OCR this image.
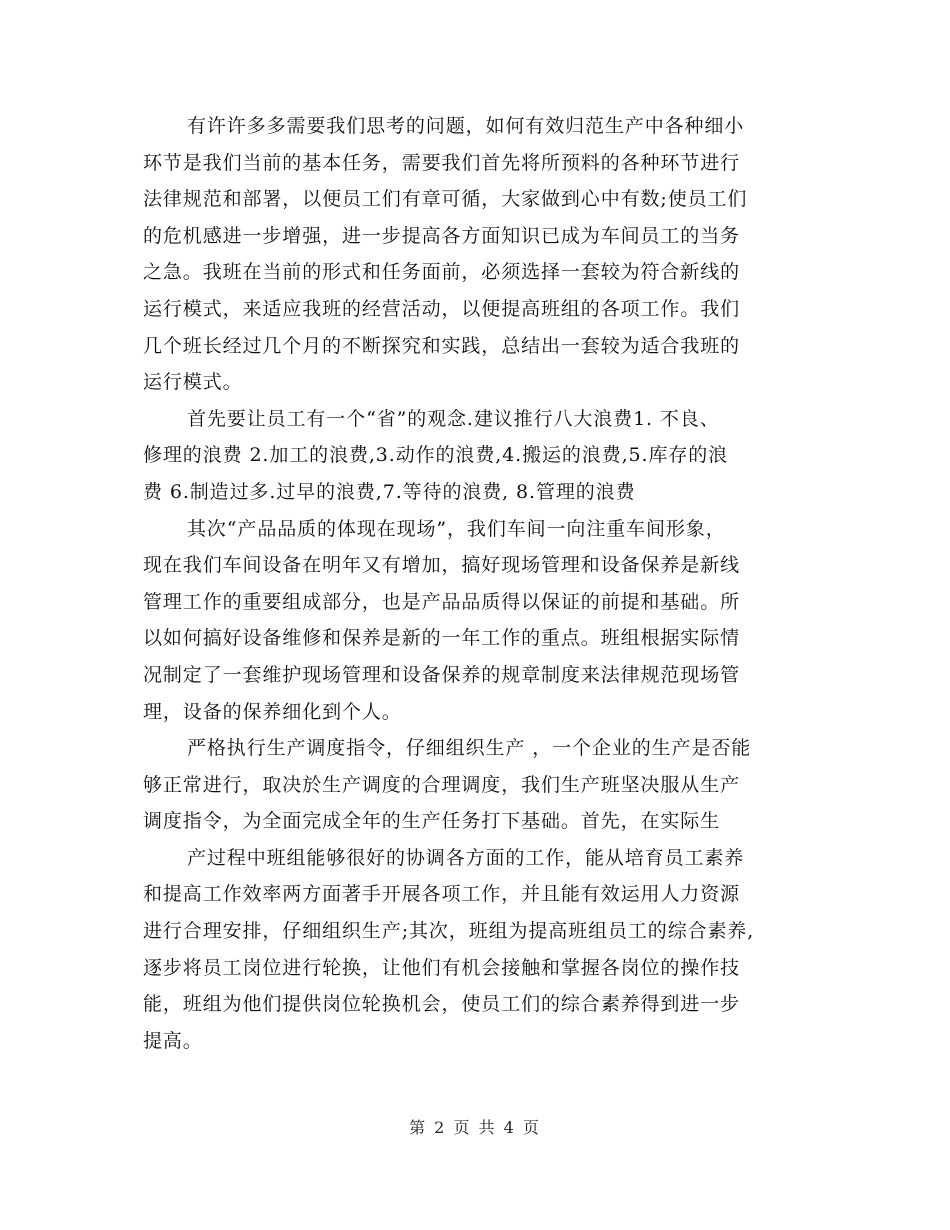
有许许多多需要我们思考的问题，如何有效归范生产中各种细小
环节是我们当前的基本任务，需要我们首先将所预料的各种环节进行
法律规范和部署，以便员工们有章可循，大家做到心中有数;使员工们
的危机感进一步增强，进一步提高各方面知识已成为车间员工的当务
之急。我班在当前的形式和任务面前，必须选择一套较为符合新线的
运行模式，来适应我班的经营活动，以便提高班组的各项工作。我们
几个班长经过几个月的不断探究和实践，总结出一套较为适合我班的
运行模式。
首先要让员工有一个“省”的观念.建议推行八大浪费1. 不良、
修理的浪费 2.加工的浪费,3.动作的浪费,4.搬运的浪费,5.库存的浪
费 6.制造过多.过早的浪费,7.等待的浪费, 8.管理的浪费
其次“产品品质的体现在现场”，我们车间一向注重车间形象，
现在我们车间设备在明年又有增加，搞好现场管理和设备保养是新线
管理工作的重要组成部分，也是产品品质得以保证的前提和基础。所
以如何搞好设备维修和保养是新的一年工作的重点。班组根据实际情
况制定了一套维护现场管理和设备保养的规章制度来法律规范现场管
理，设备的保养细化到个人。
严格执行生产调度指令，仔细组织生产 ，一个企业的生产是否能
够正常进行，取决於生产调度的合理调度，我们生产班坚决服从生产
调度指令，为全面完成全年的生产任务打下基础。首先，在实际生
产过程中班组能够很好的协调各方面的工作，能从培育员工素养
和提高工作效率两方面著手开展各项工作，并且能有效运用人力资源
进行合理安排，仔细组织生产;其次，班组为提高班组员工的综合素养,
逐步将员工岗位进行轮换，让他们有机会接触和掌握各岗位的操作技
能，班组为他们提供岗位轮换机会，使员工们的综合素养得到进一步
提高。
第 2 页 共 4 页
